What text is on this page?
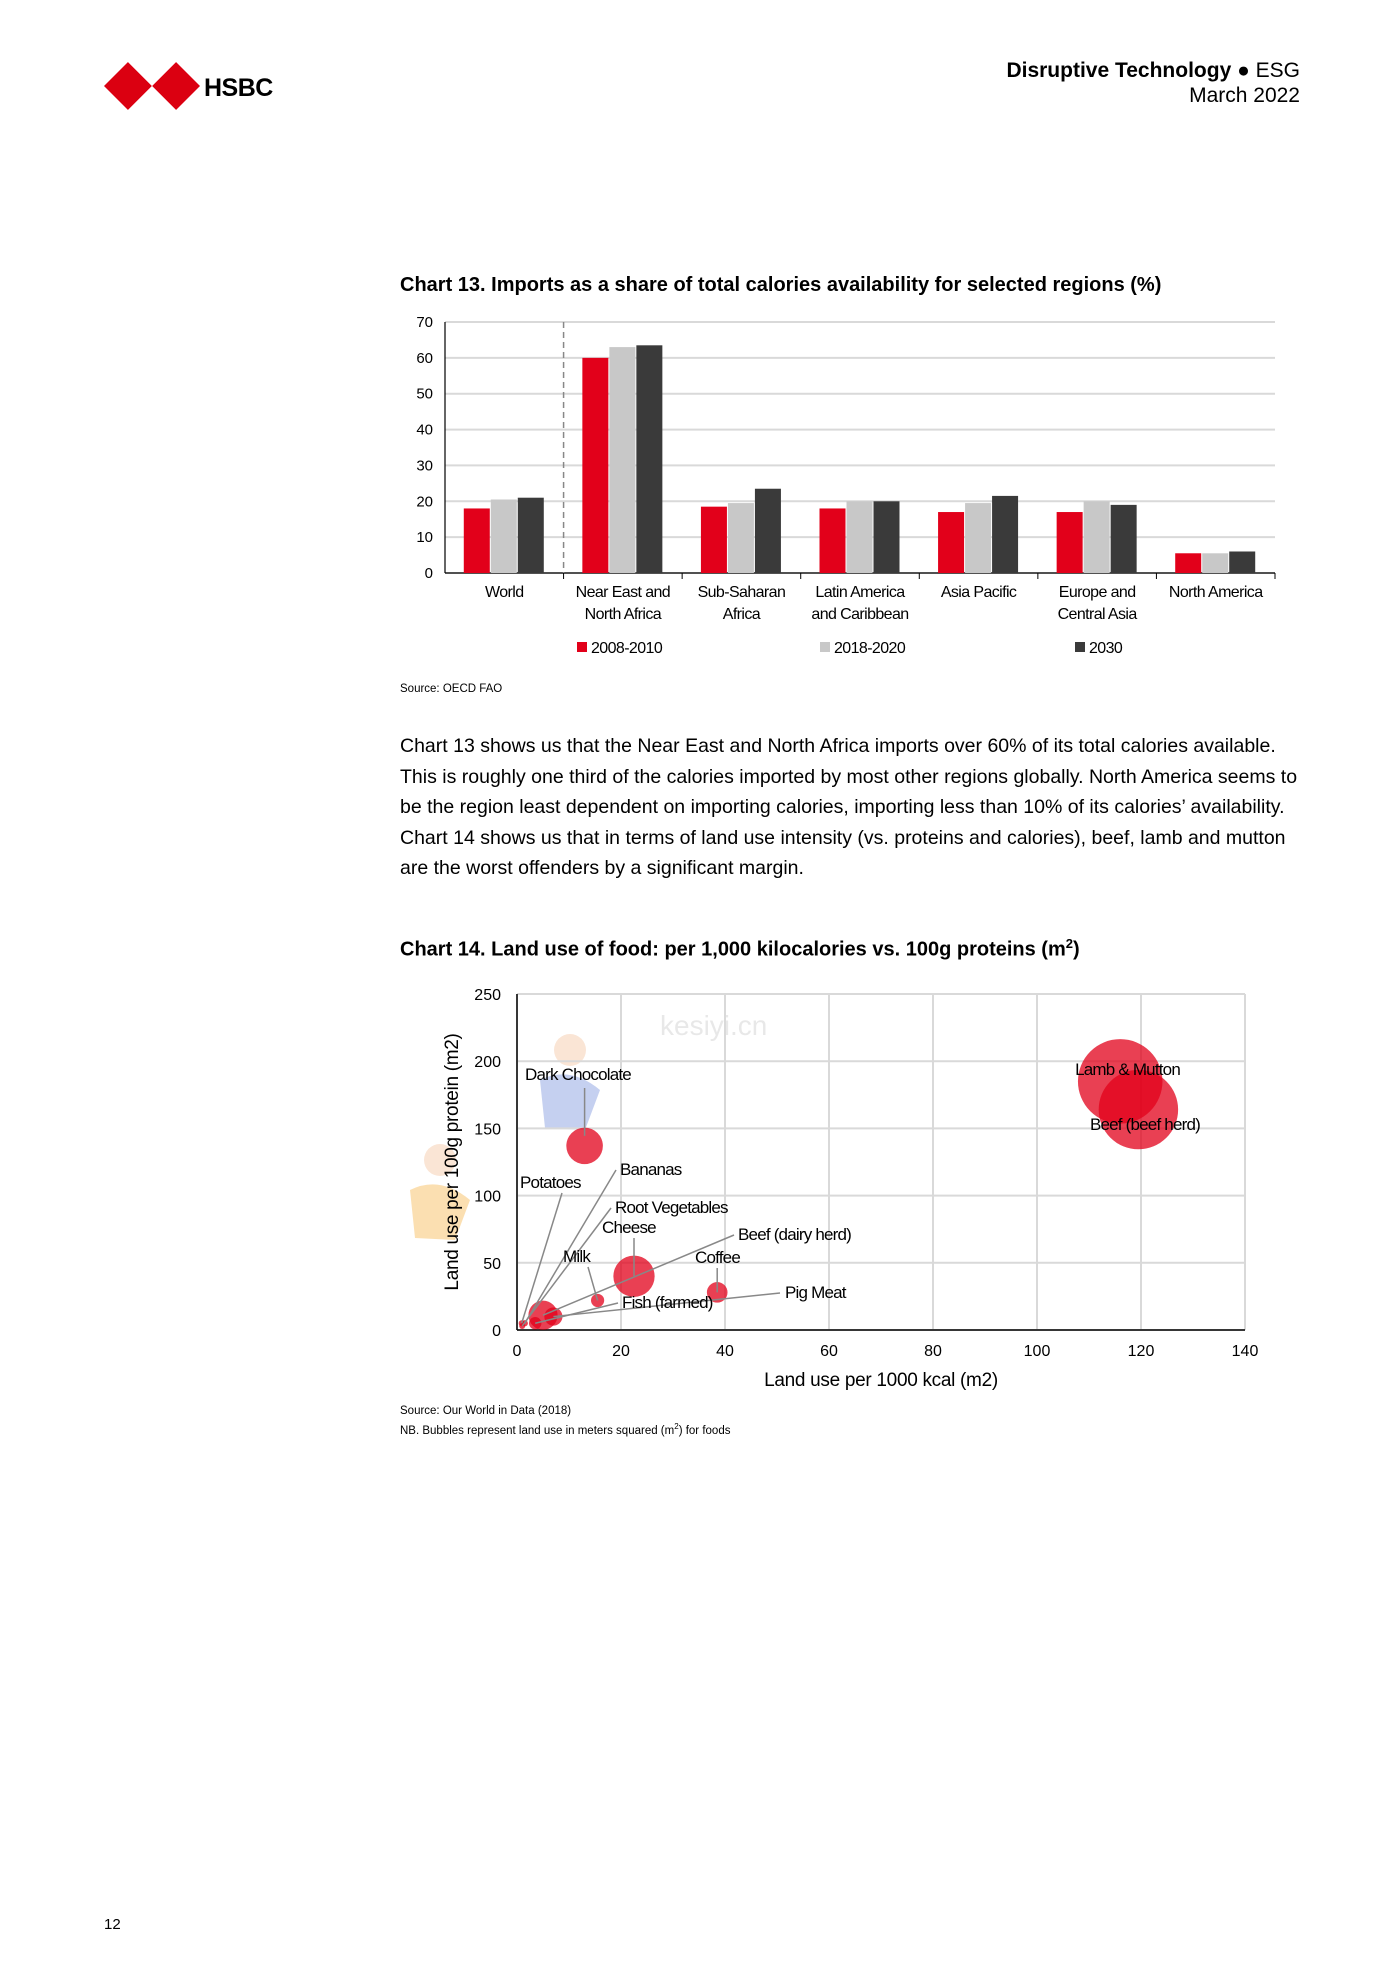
HSBC
Disruptive Technology ● ESG
March 2022
kesiyi.cn
Chart 13. Imports as a share of total calories availability for selected regions (%)
0
10
20
30
40
50
60
70
World	Near East and
North Africa
Sub-Saharan
Africa
Latin America
and Caribbean
Asia Pacific	Europe and
Central Asia
North America
2008-2010	2018-2020	2030
Source: OECD FAO
Chart 13 shows us that the Near East and North Africa imports over 60% of its total calories available. This is roughly one third of the calories imported by most other regions globally. North America seems to be the region least dependent on importing calories, importing less than 10% of its calories’ availability. Chart 14 shows us that in terms of land use intensity (vs. proteins and calories), beef, lamb and mutton are the worst offenders by a significant margin.
Chart 14. Land use of food: per 1,000 kilocalories vs. 100g proteins $(m^2)$
0	20	40	60	80	100	120	140
0
50
100
150
200
250
Lamb & Mutton
Beef (beef herd)
Dark Chocolate
Bananas
Potatoes
Root Vegetables
Cheese	Beef (dairy herd)
Milk	Coffee
Pig Meat
Fish (farmed)
Land use per 1000 kcal (m2)
Land use per 100g protein (m2)
Source: Our World in Data (2018)
NB. Bubbles represent land use in meters squared $(m^2)$ for foods
12
